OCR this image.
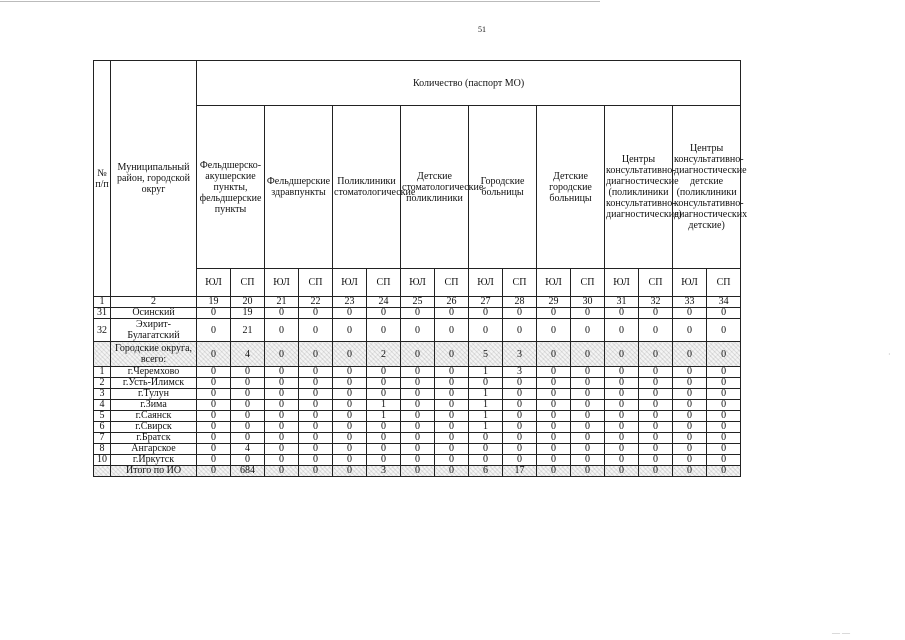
51
№ п/п	Муниципальный район, городской округ	Количество (паспорт МО)															
		Фельдшерско-акушерские пункты, фельдшерские пункты		Фельдшерские здравпункты		Поликлиники стоматологические		Детские стоматологические поликлиники		Городские больницы		Детские городские больницы		Центры консультативно-диагностические (поликлиники консультативно-диагностические)		Центры консультативно-диагностические детские (поликлиники консультативно-диагностических детские)	
		ЮЛ	СП	ЮЛ	СП	ЮЛ	СП	ЮЛ	СП	ЮЛ	СП	ЮЛ	СП	ЮЛ	СП	ЮЛ	СП
1	2	19	20	21	22	23	24	25	26	27	28	29	30	31	32	33	34
31	Осинский	0	19	0	0	0	0	0	0	0	0	0	0	0	0	0	0
32	Эхирит-Булагатский	0	21	0	0	0	0	0	0	0	0	0	0	0	0	0	0
	Городские округа, всего:	0	4	0	0	0	2	0	0	5	3	0	0	0	0	0	0
1	г.Черемхово	0	0	0	0	0	0	0	0	1	3	0	0	0	0	0	0
2	г.Усть-Илимск	0	0	0	0	0	0	0	0	0	0	0	0	0	0	0	0
3	г.Тулун	0	0	0	0	0	0	0	0	1	0	0	0	0	0	0	0
4	г.Зима	0	0	0	0	0	1	0	0	1	0	0	0	0	0	0	0
5	г.Саянск	0	0	0	0	0	1	0	0	1	0	0	0	0	0	0	0
6	г.Свирск	0	0	0	0	0	0	0	0	1	0	0	0	0	0	0	0
7	г.Братск	0	0	0	0	0	0	0	0	0	0	0	0	0	0	0	0
8	Ангарское	0	4	0	0	0	0	0	0	0	0	0	0	0	0	0	0
10	г.Иркутск	0	0	0	0	0	0	0	0	0	0	0	0	0	0	0	0
	Итого по ИО	0	684	0	0	0	3	0	0	6	17	0	0	0	0	0	0
·
— —
